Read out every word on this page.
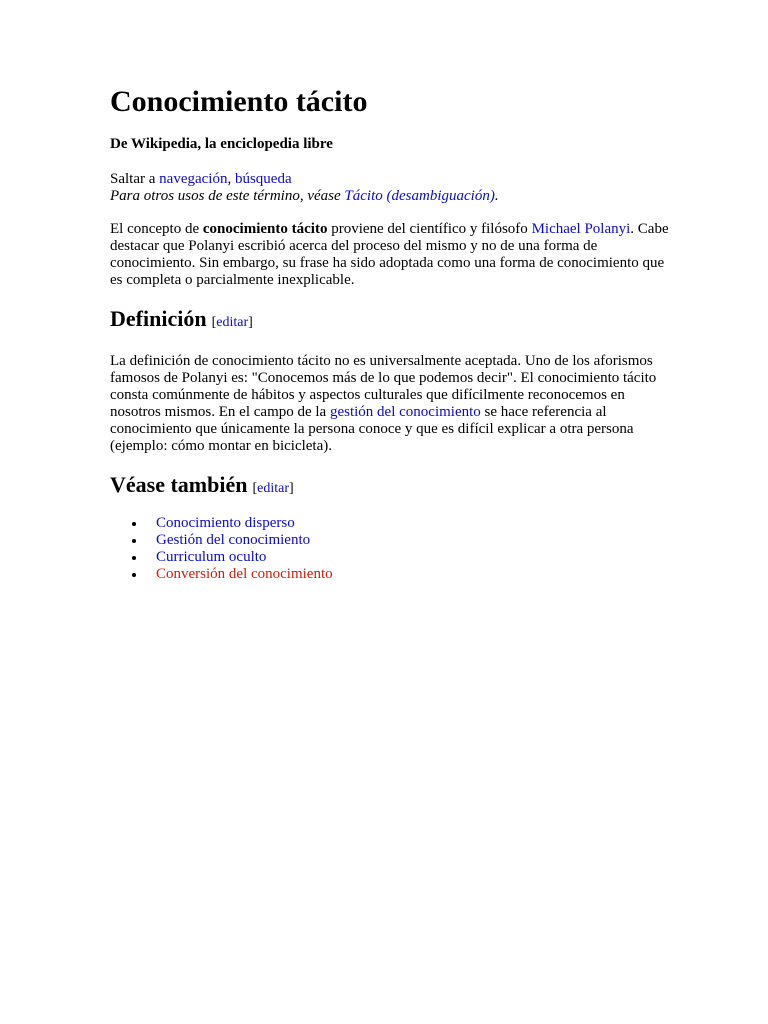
Conocimiento tácito

De Wikipedia, la enciclopedia libre

Saltar a navegación, búsqueda

Para otros usos de este término, véase Tácito (desambiguación).

El concepto de conocimiento tácito proviene del científico y filósofo Michael Polanyi. Cabe destacar que Polanyi escribió acerca del proceso del mismo y no de una forma de conocimiento. Sin embargo, su frase ha sido adoptada como una forma de conocimiento que es completa o parcialmente inexplicable.

Definición [editar]

La definición de conocimiento tácito no es universalmente aceptada. Uno de los aforismos famosos de Polanyi es: "Conocemos más de lo que podemos decir". El conocimiento tácito consta comúnmente de hábitos y aspectos culturales que difícilmente reconocemos en nosotros mismos. En el campo de la gestión del conocimiento se hace referencia al conocimiento que únicamente la persona conoce y que es difícil explicar a otra persona (ejemplo: cómo montar en bicicleta).

Véase también [editar]
Conocimiento disperso
Gestión del conocimiento
Curriculum oculto
Conversión del conocimiento
